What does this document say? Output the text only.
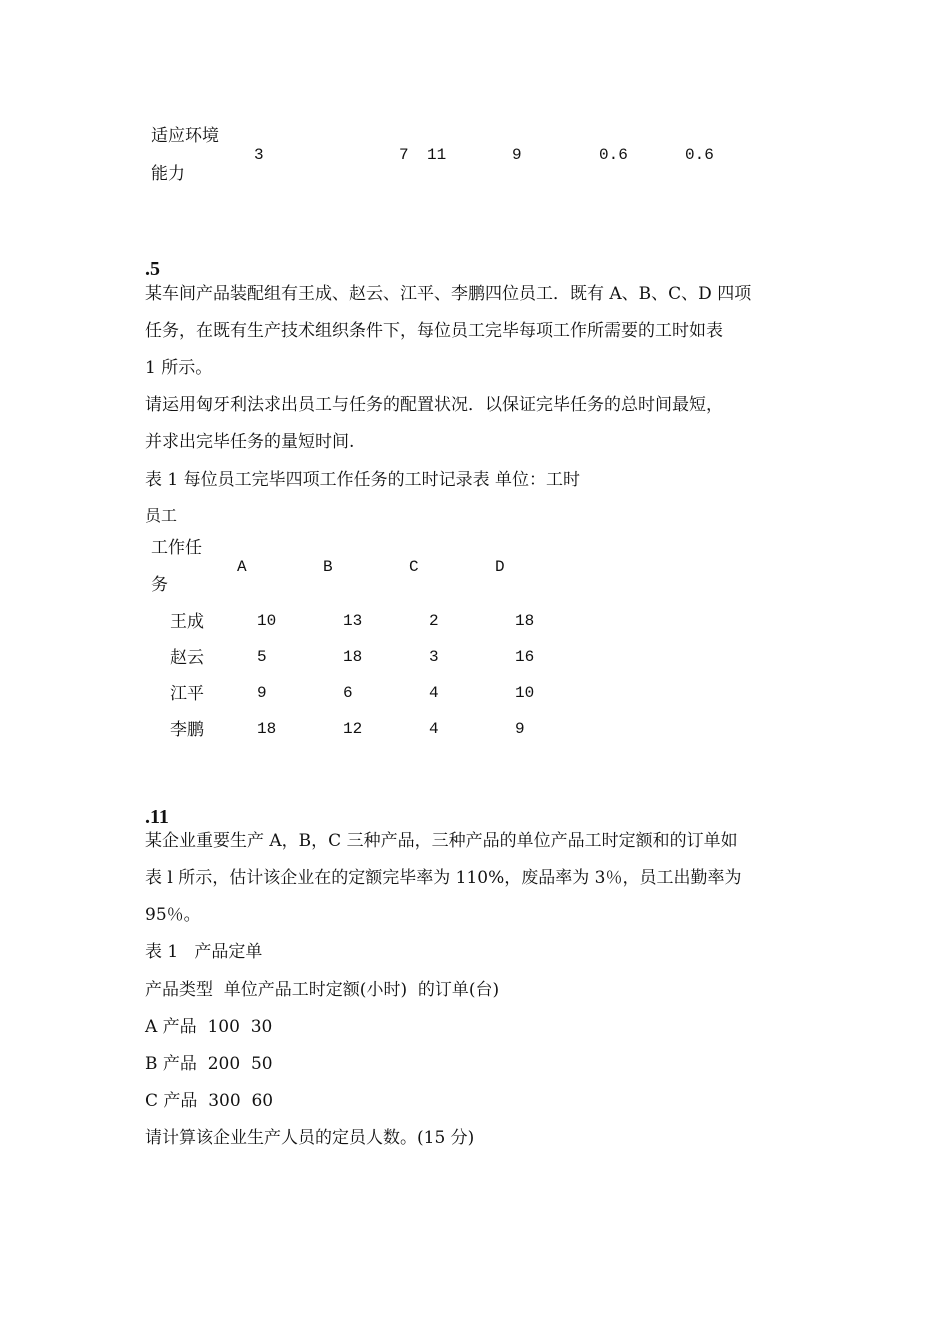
适应环境
能力
3	7 11	9	0.6	0.6
.5
某车间产品装配组有王成、赵云、江平、李鹏四位员工．既有 A、B、C、D 四项
任务，在既有生产技术组织条件下，每位员工完毕每项工作所需要的工时如表
1 所示。
请运用匈牙利法求出员工与任务的配置状况．以保证完毕任务的总时间最短，
并求出完毕任务的量短时间.
表 1 每位员工完毕四项工作任务的工时记录表 单位：工时
员工
工作任
务
A	B	C	D
王成	10	13	2	18
赵云	5	18	3	16
江平	9	6	4	10
李鹏	18	12	4	9
.11
某企业重要生产 A，B，C 三种产品，三种产品的单位产品工时定额和的订单如
表 l 所示，估计该企业在的定额完毕率为 110%，废品率为 3％，员工出勤率为
95％。
表 1   产品定单
产品类型  单位产品工时定额(小时)  的订单(台)
A 产品  100  30
B 产品  200  50
C 产品  300  60
请计算该企业生产人员的定员人数。(15 分)
